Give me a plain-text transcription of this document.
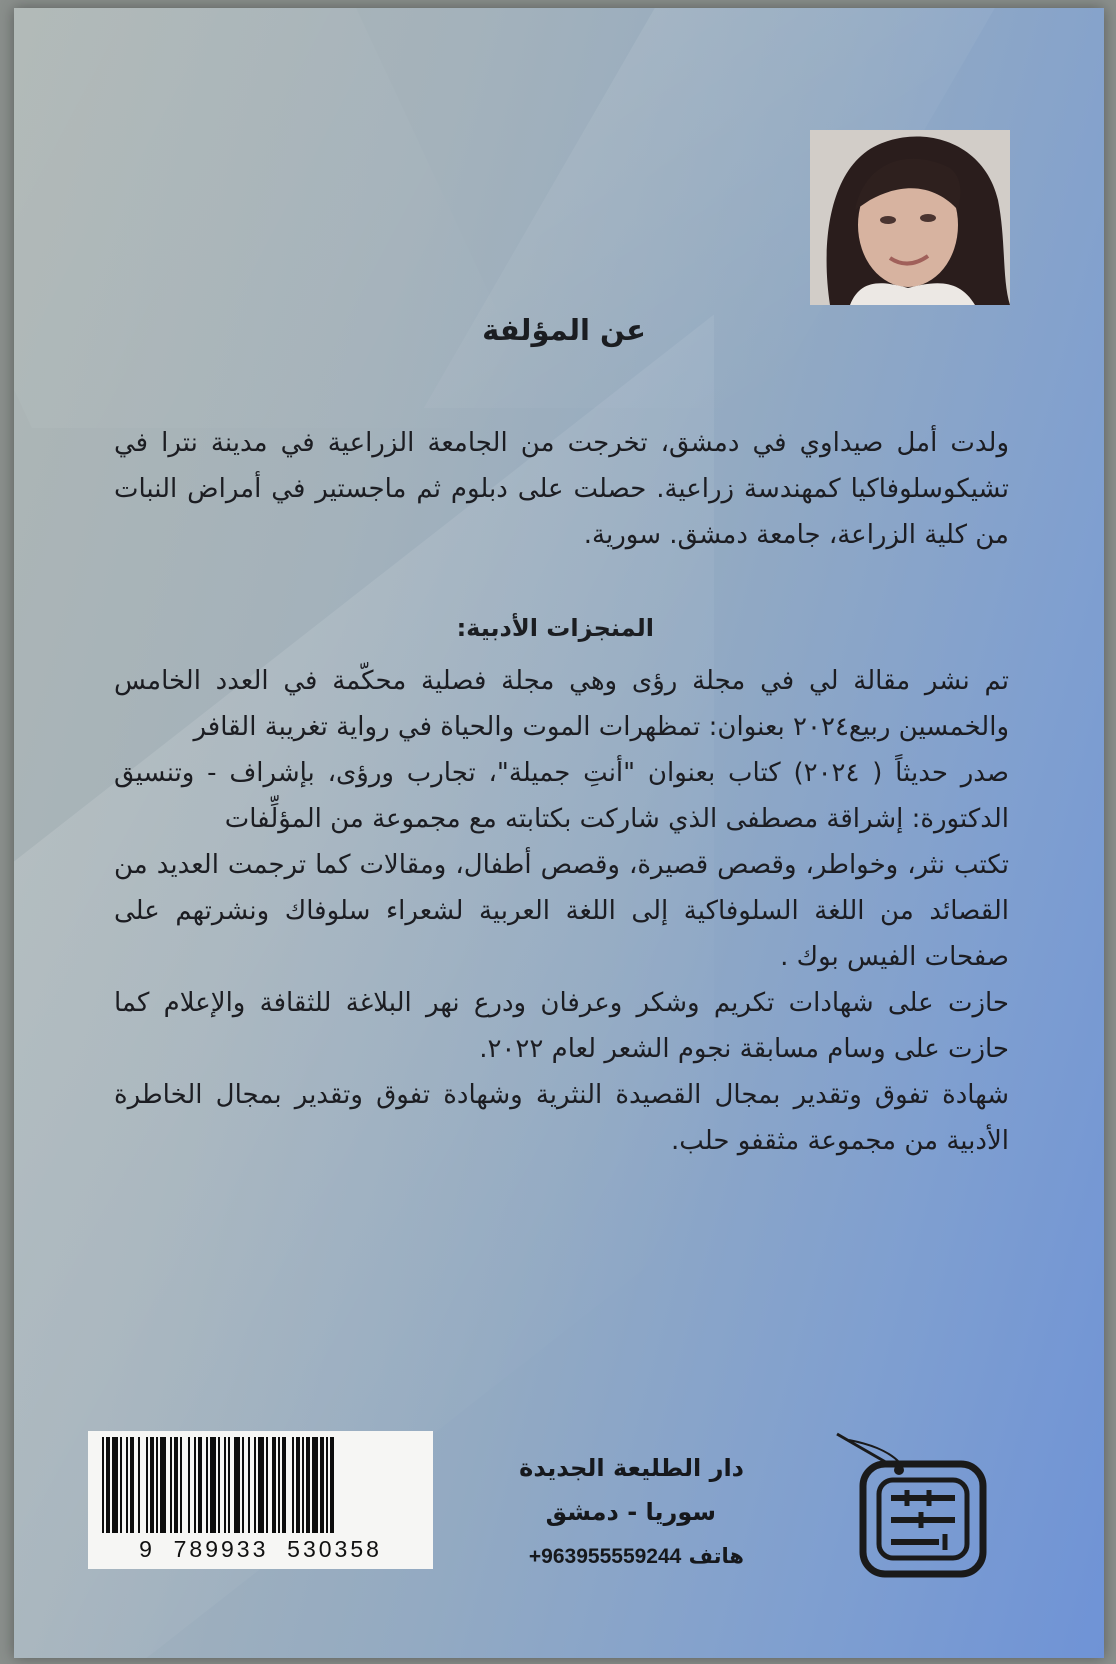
عن المؤلفة

ولدت أمل صيداوي في دمشق، تخرجت من الجامعة الزراعية في مدينة نترا في تشيكوسلوفاكيا كمهندسة زراعية. حصلت على دبلوم ثم ماجستير في أمراض النبات من كلية الزراعة، جامعة دمشق. سورية.

المنجزات الأدبية:

تم نشر مقالة لي في مجلة رؤى وهي مجلة فصلية محكّمة في العدد الخامس والخمسين ربيع٢٠٢٤ بعنوان: تمظهرات الموت والحياة في رواية تغريبة القافر

صدر حديثاً ( ٢٠٢٤) كتاب بعنوان "أنتِ جميلة"، تجارب ورؤى، بإشراف - وتنسيق الدكتورة: إشراقة مصطفى الذي شاركت بكتابته مع مجموعة من المؤلِّفات

تكتب نثر، وخواطر، وقصص قصيرة، وقصص أطفال، ومقالات كما ترجمت العديد من القصائد من اللغة السلوفاكية إلى اللغة العربية لشعراء سلوفاك ونشرتهم على صفحات الفيس بوك .

حازت على شهادات تكريم وشكر وعرفان ودرع نهر البلاغة للثقافة والإعلام كما حازت على وسام مسابقة نجوم الشعر لعام ٢٠٢٢.

شهادة تفوق وتقدير بمجال القصيدة النثرية وشهادة تفوق وتقدير بمجال الخاطرة الأدبية من مجموعة مثقفو حلب.

9  789933  530358
دار الطليعة الجديدة
سوريا - دمشق
هاتف +963955559244
